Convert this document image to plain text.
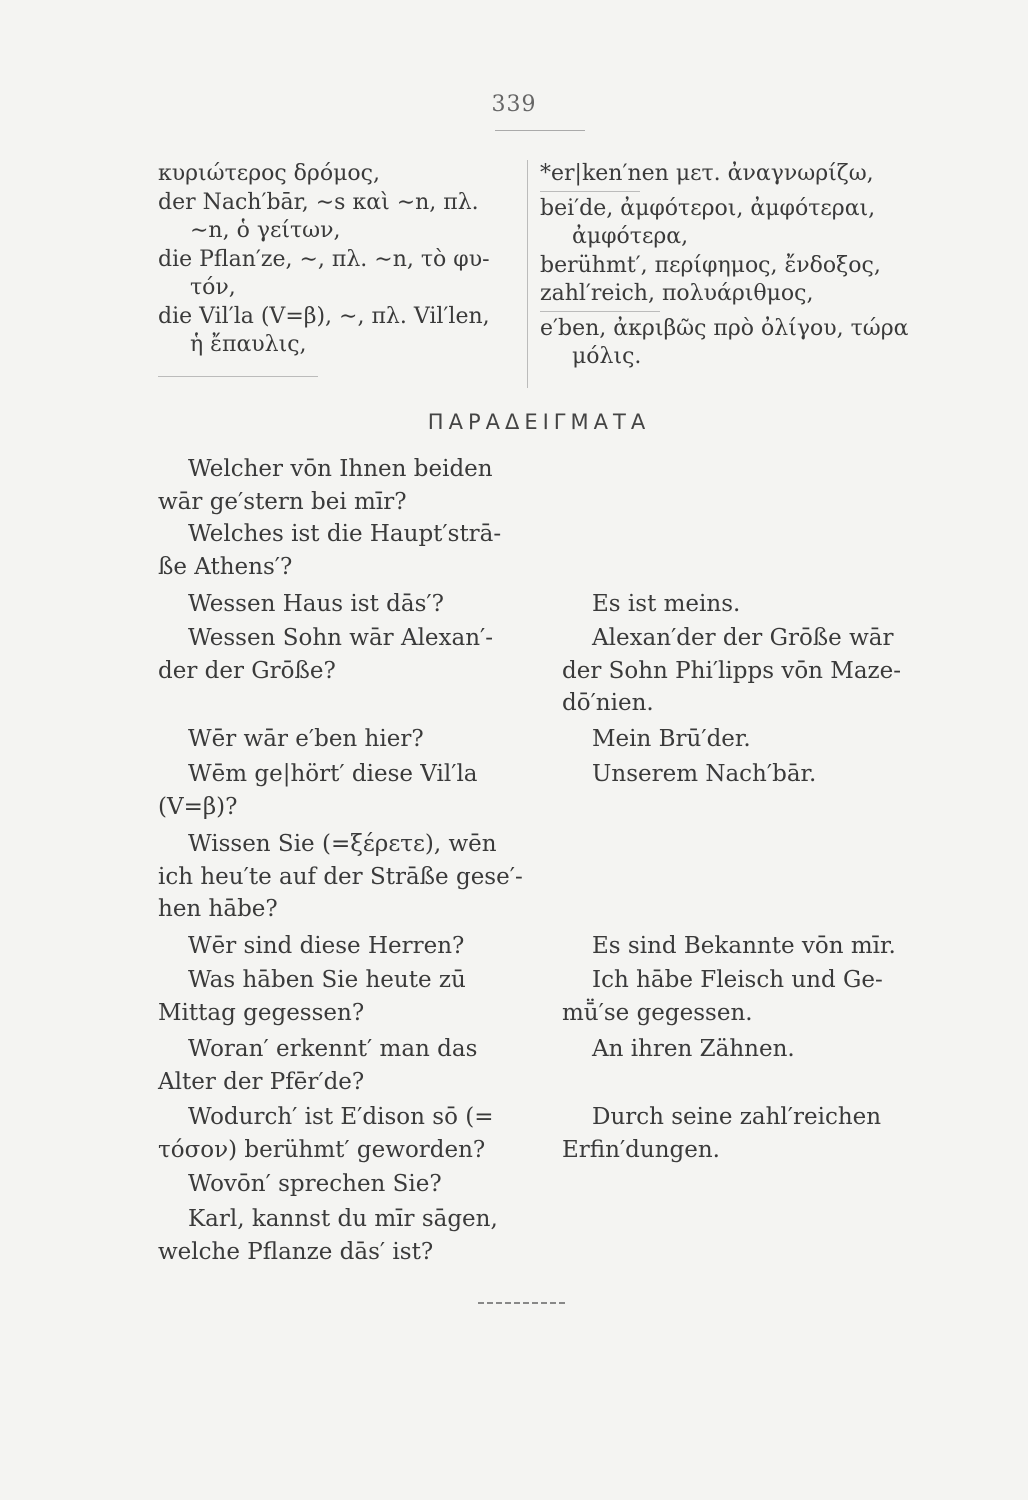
339

κυριώτερος δρόμος,

der Nach′bār, ∼s καὶ ∼n, πλ.

∼n, ὁ γείτων,

die Pflan′ze, ∼, πλ. ∼n, τὸ φυ-

τόν,

die Vil′la (V=β), ∼, πλ. Vil′len,

ἡ ἔπαυλις,

*er|ken′nen μετ. ἀναγνωρίζω,

bei′de, ἀμφότεροι, ἀμφότεραι,

ἀμφότερα,

berühmt′, περίφημος, ἔνδοξος,

zahl′reich, πολυάριθμος,

e′ben, ἀκριβῶς πρὸ ὀλίγου, τώρα

μόλις.

ΠΑΡΑΔΕΙΓΜΑΤΑ

Welcher vōn Ihnen beiden

wār ge′stern bei mīr?

Welches ist die Haupt′strā-

ße Athens′?

Wessen Haus ist dās′?

Wessen Sohn wār Alexan′-

der der Grōße?

Wēr wār e′ben hier?

Wēm ge|hört′ diese Vil′la

(V=β)?

Wissen Sie (=ξέρετε), wēn

ich heu′te auf der Strāße gese′-

hen hābe?

Wēr sind diese Herren?

Was hāben Sie heute zū

Mittag gegessen?

Woran′ erkennt′ man das

Alter der Pfēr′de?

Wodurch′ ist E′dison sō (=

τόσον) berühmt′ geworden?

Wovōn′ sprechen Sie?

Karl, kannst du mīr sāgen,

welche Pflanze dās′ ist?

Es ist meins.

Alexan′der der Grōße wār

der Sohn Phi′lipps vōn Maze-

dō′nien.

Mein Brū′der.

Unserem Nach′bār.

Es sind Bekannte vōn mīr.

Ich hābe Fleisch und Ge-

mṻ′se gegessen.

An ihren Zähnen.

Durch seine zahl′reichen

Erfin′dungen.
